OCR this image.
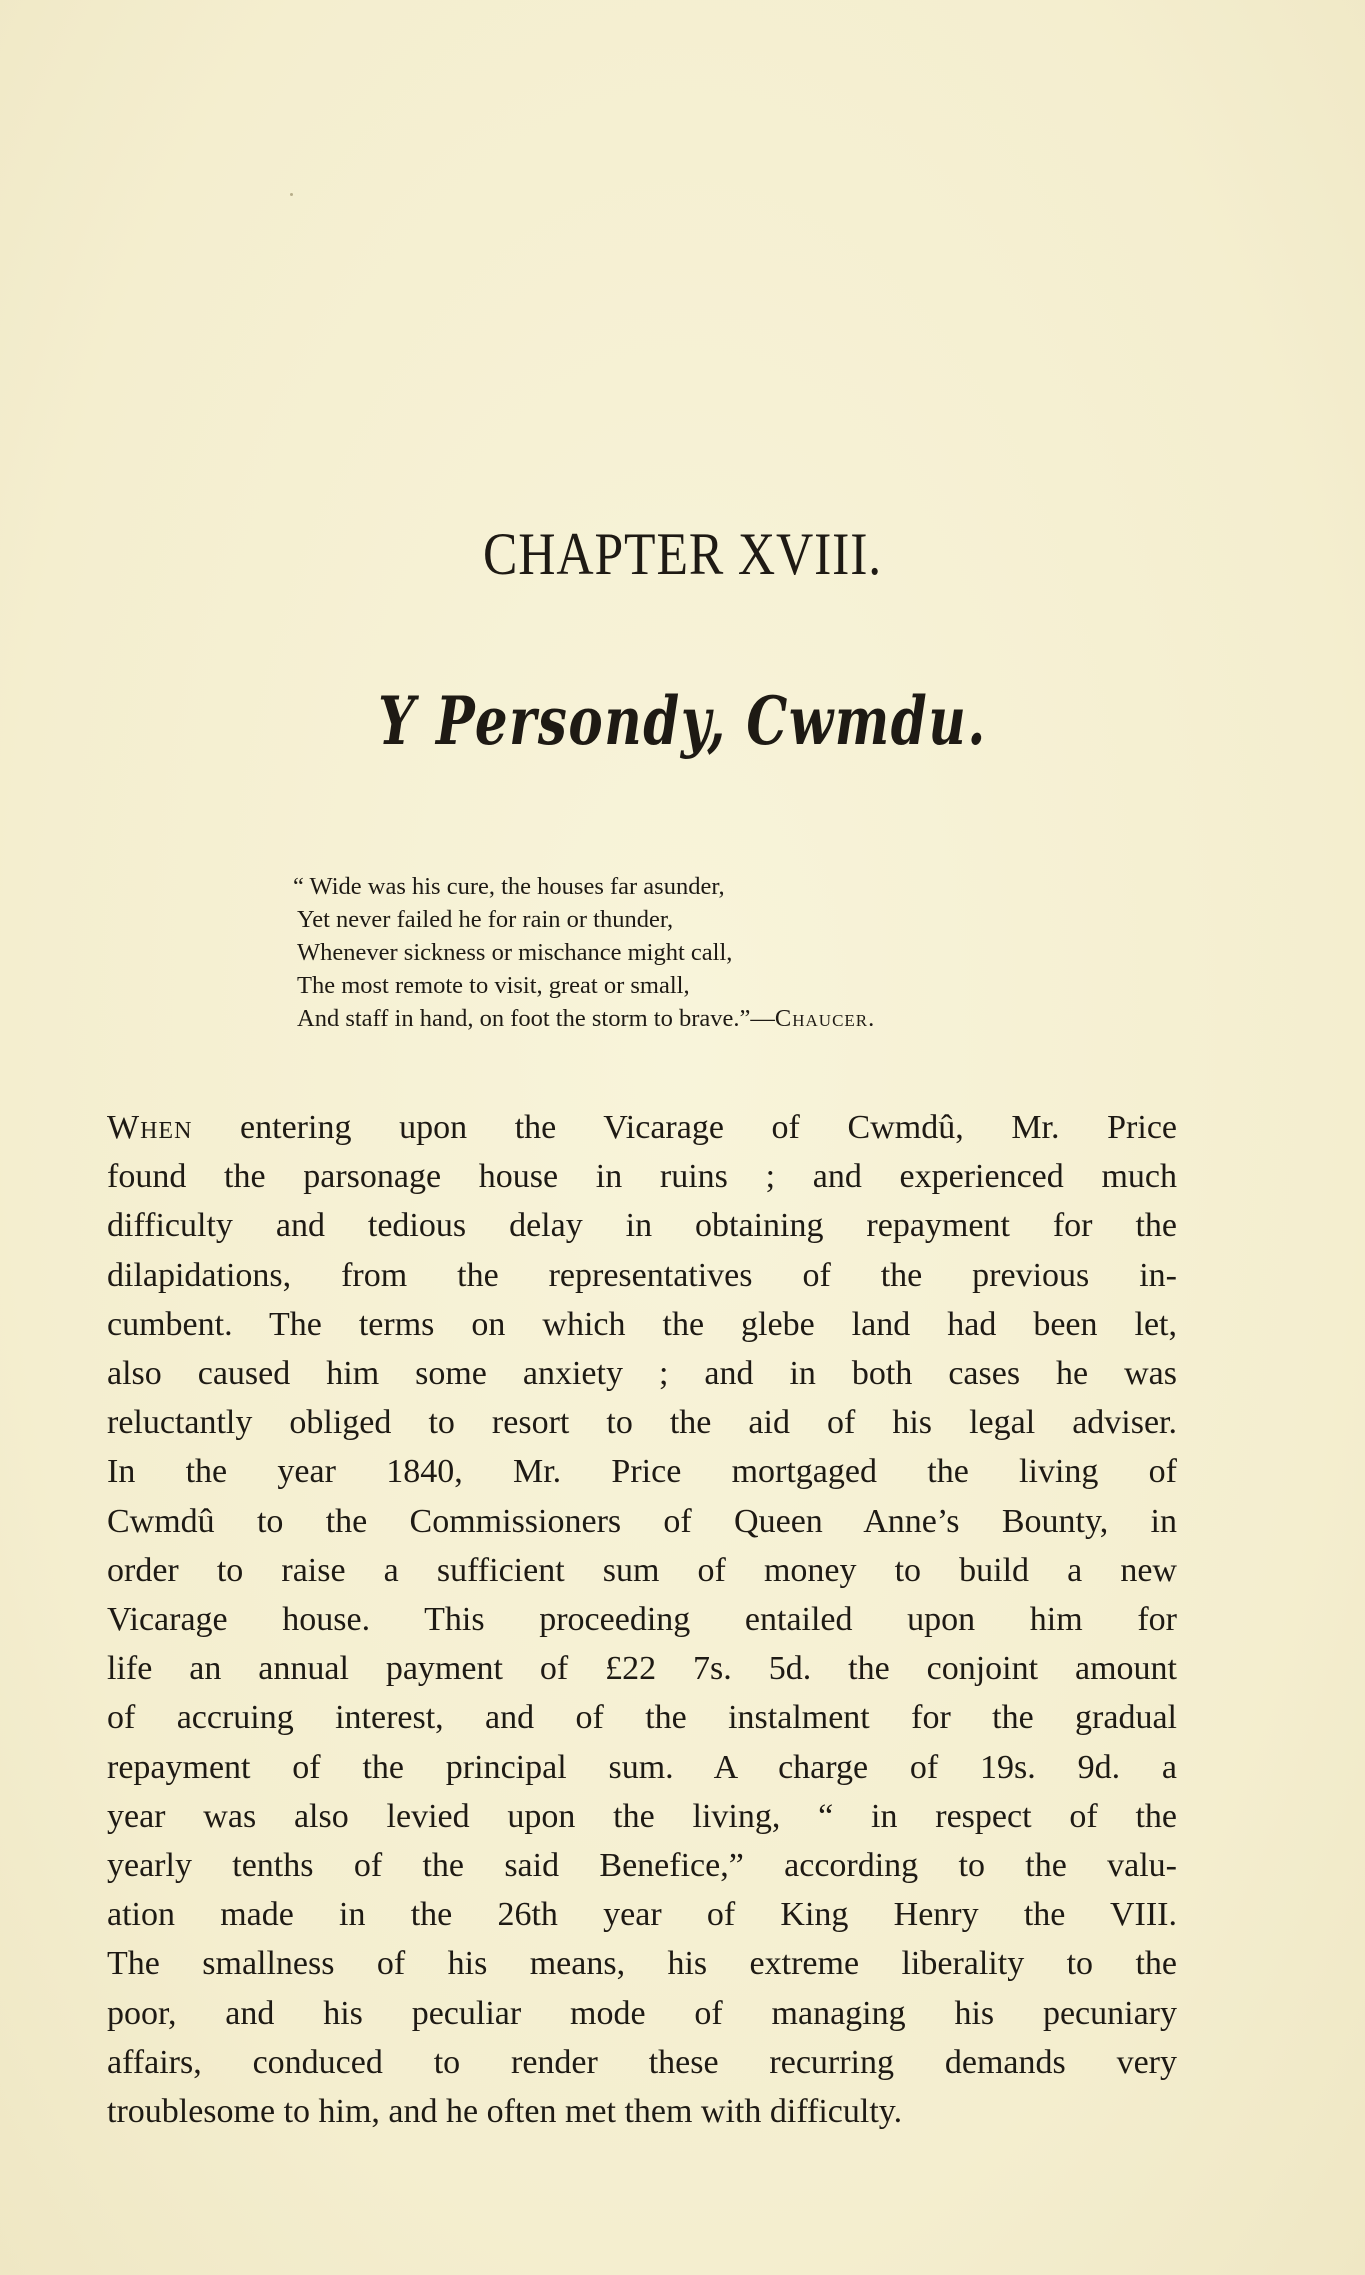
CHAPTER XVIII.
Y Persondy, Cwmdu.
“ Wide was his cure, the houses far asunder,
Yet never failed he for rain or thunder,
Whenever sickness or mischance might call,
The most remote to visit, great or small,
And staff in hand, on foot the storm to brave.”—Chaucer.
When entering upon the Vicarage of Cwmdû, Mr. Price
found the parsonage house in ruins ; and experienced much
difficulty and tedious delay in obtaining repayment for the
dilapidations, from the representatives of the previous in-
cumbent. The terms on which the glebe land had been let,
also caused him some anxiety ; and in both cases he was
reluctantly obliged to resort to the aid of his legal adviser.
In the year 1840, Mr. Price mortgaged the living of
Cwmdû to the Commissioners of Queen Anne’s Bounty, in
order to raise a sufficient sum of money to build a new
Vicarage house. This proceeding entailed upon him for
life an annual payment of £22 7s. 5d. the conjoint amount
of accruing interest, and of the instalment for the gradual
repayment of the principal sum. A charge of 19s. 9d. a
year was also levied upon the living, “ in respect of the
yearly tenths of the said Benefice,” according to the valu-
ation made in the 26th year of King Henry the VIII.
The smallness of his means, his extreme liberality to the
poor, and his peculiar mode of managing his pecuniary
affairs, conduced to render these recurring demands very
troublesome to him, and he often met them with difficulty.
